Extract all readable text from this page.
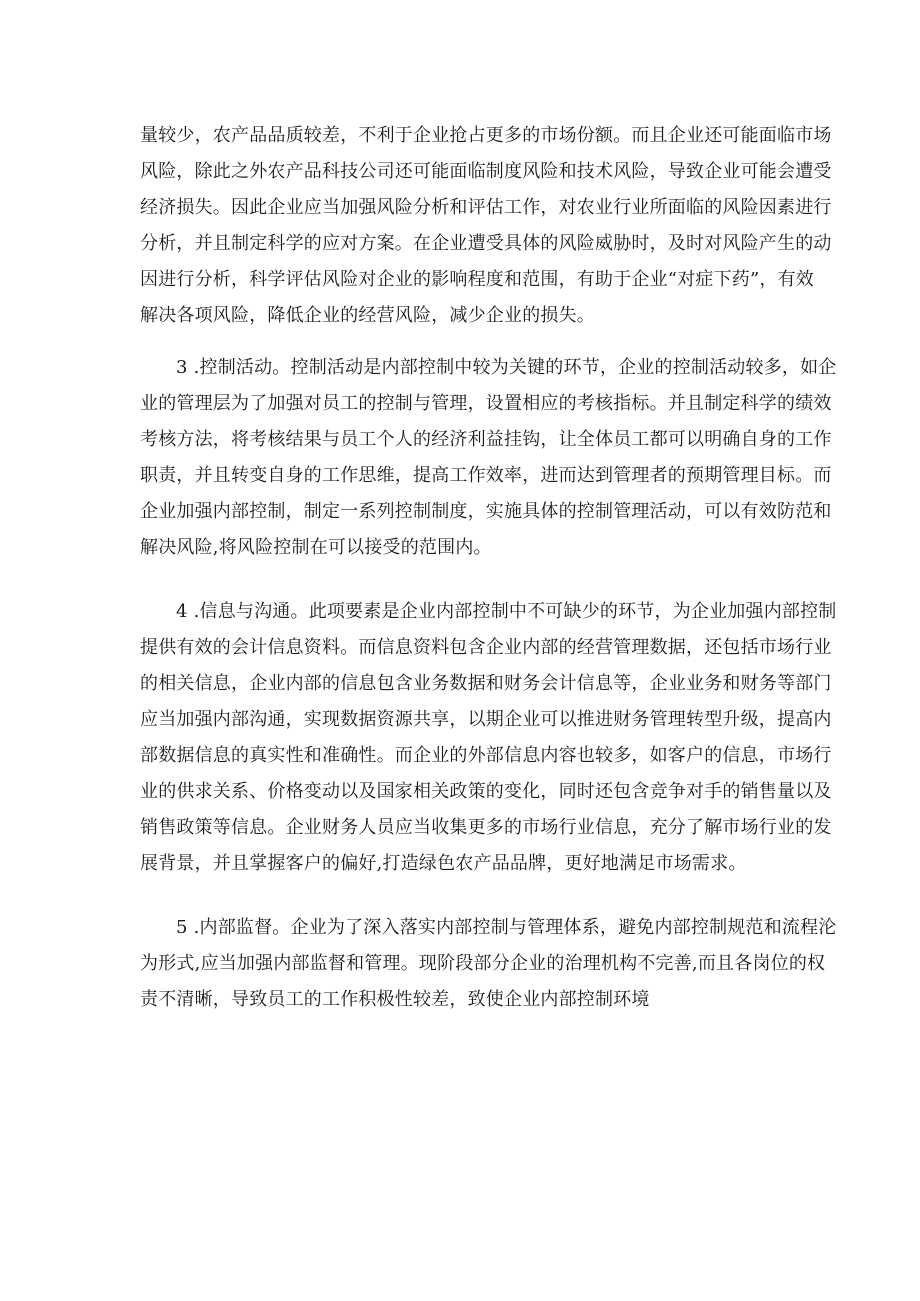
量较少，农产品品质较差，不利于企业抢占更多的市场份额。而且企业还可能面临市场
风险，除此之外农产品科技公司还可能面临制度风险和技术风险，导致企业可能会遭受
经济损失。因此企业应当加强风险分析和评估工作，对农业行业所面临的风险因素进行
分析，并且制定科学的应对方案。在企业遭受具体的风险威胁时，及时对风险产生的动
因进行分析，科学评估风险对企业的影响程度和范围，有助于企业“对症下药”，有效
解决各项风险，降低企业的经营风险，减少企业的损失。
3 .控制活动。控制活动是内部控制中较为关键的环节，企业的控制活动较多，如企
业的管理层为了加强对员工的控制与管理，设置相应的考核指标。并且制定科学的绩效
考核方法，将考核结果与员工个人的经济利益挂钩，让全体员工都可以明确自身的工作
职责，并且转变自身的工作思维，提高工作效率，进而达到管理者的预期管理目标。而
企业加强内部控制，制定一系列控制制度，实施具体的控制管理活动，可以有效防范和
解决风险,将风险控制在可以接受的范围内。
4 .信息与沟通。此项要素是企业内部控制中不可缺少的环节，为企业加强内部控制
提供有效的会计信息资料。而信息资料包含企业内部的经营管理数据，还包括市场行业
的相关信息，企业内部的信息包含业务数据和财务会计信息等，企业业务和财务等部门
应当加强内部沟通，实现数据资源共享，以期企业可以推进财务管理转型升级，提高内
部数据信息的真实性和准确性。而企业的外部信息内容也较多，如客户的信息，市场行
业的供求关系、价格变动以及国家相关政策的变化，同时还包含竞争对手的销售量以及
销售政策等信息。企业财务人员应当收集更多的市场行业信息，充分了解市场行业的发
展背景，并且掌握客户的偏好,打造绿色农产品品牌，更好地满足市场需求。
5 .内部监督。企业为了深入落实内部控制与管理体系，避免内部控制规范和流程沦
为形式,应当加强内部监督和管理。现阶段部分企业的治理机构不完善,而且各岗位的权
责不清晰，导致员工的工作积极性较差，致使企业内部控制环境
